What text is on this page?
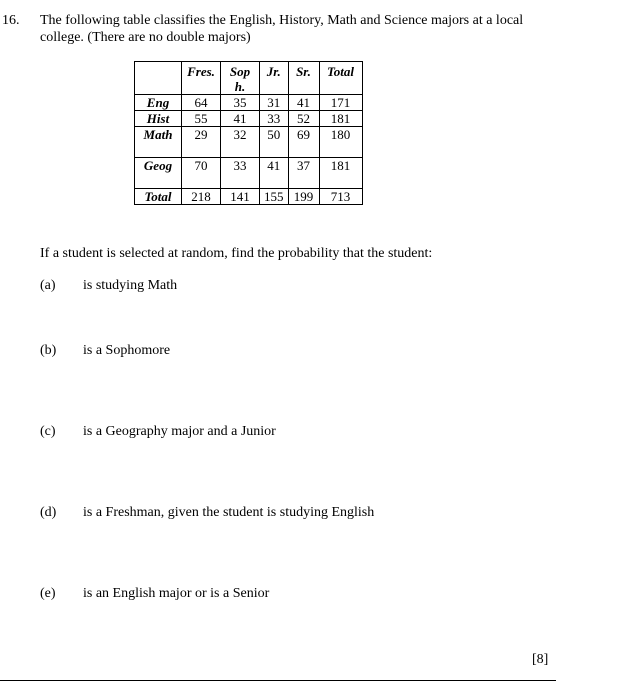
16. The following table classifies the English, History, Math and Science majors at a local college. (There are no double majors)
	Fres.	Soph.	Jr.	Sr.	Total
Eng	64	35	31	41	171
Hist	55	41	33	52	181
Math	29	32	50	69	180
Geog	70	33	41	37	181
Total	218	141	155	199	713
If a student is selected at random, find the probability that the student:
(a) is studying Math
(b) is a Sophomore
(c) is a Geography major and a Junior
(d) is a Freshman, given the student is studying English
(e) is an English major or is a Senior
[8]
